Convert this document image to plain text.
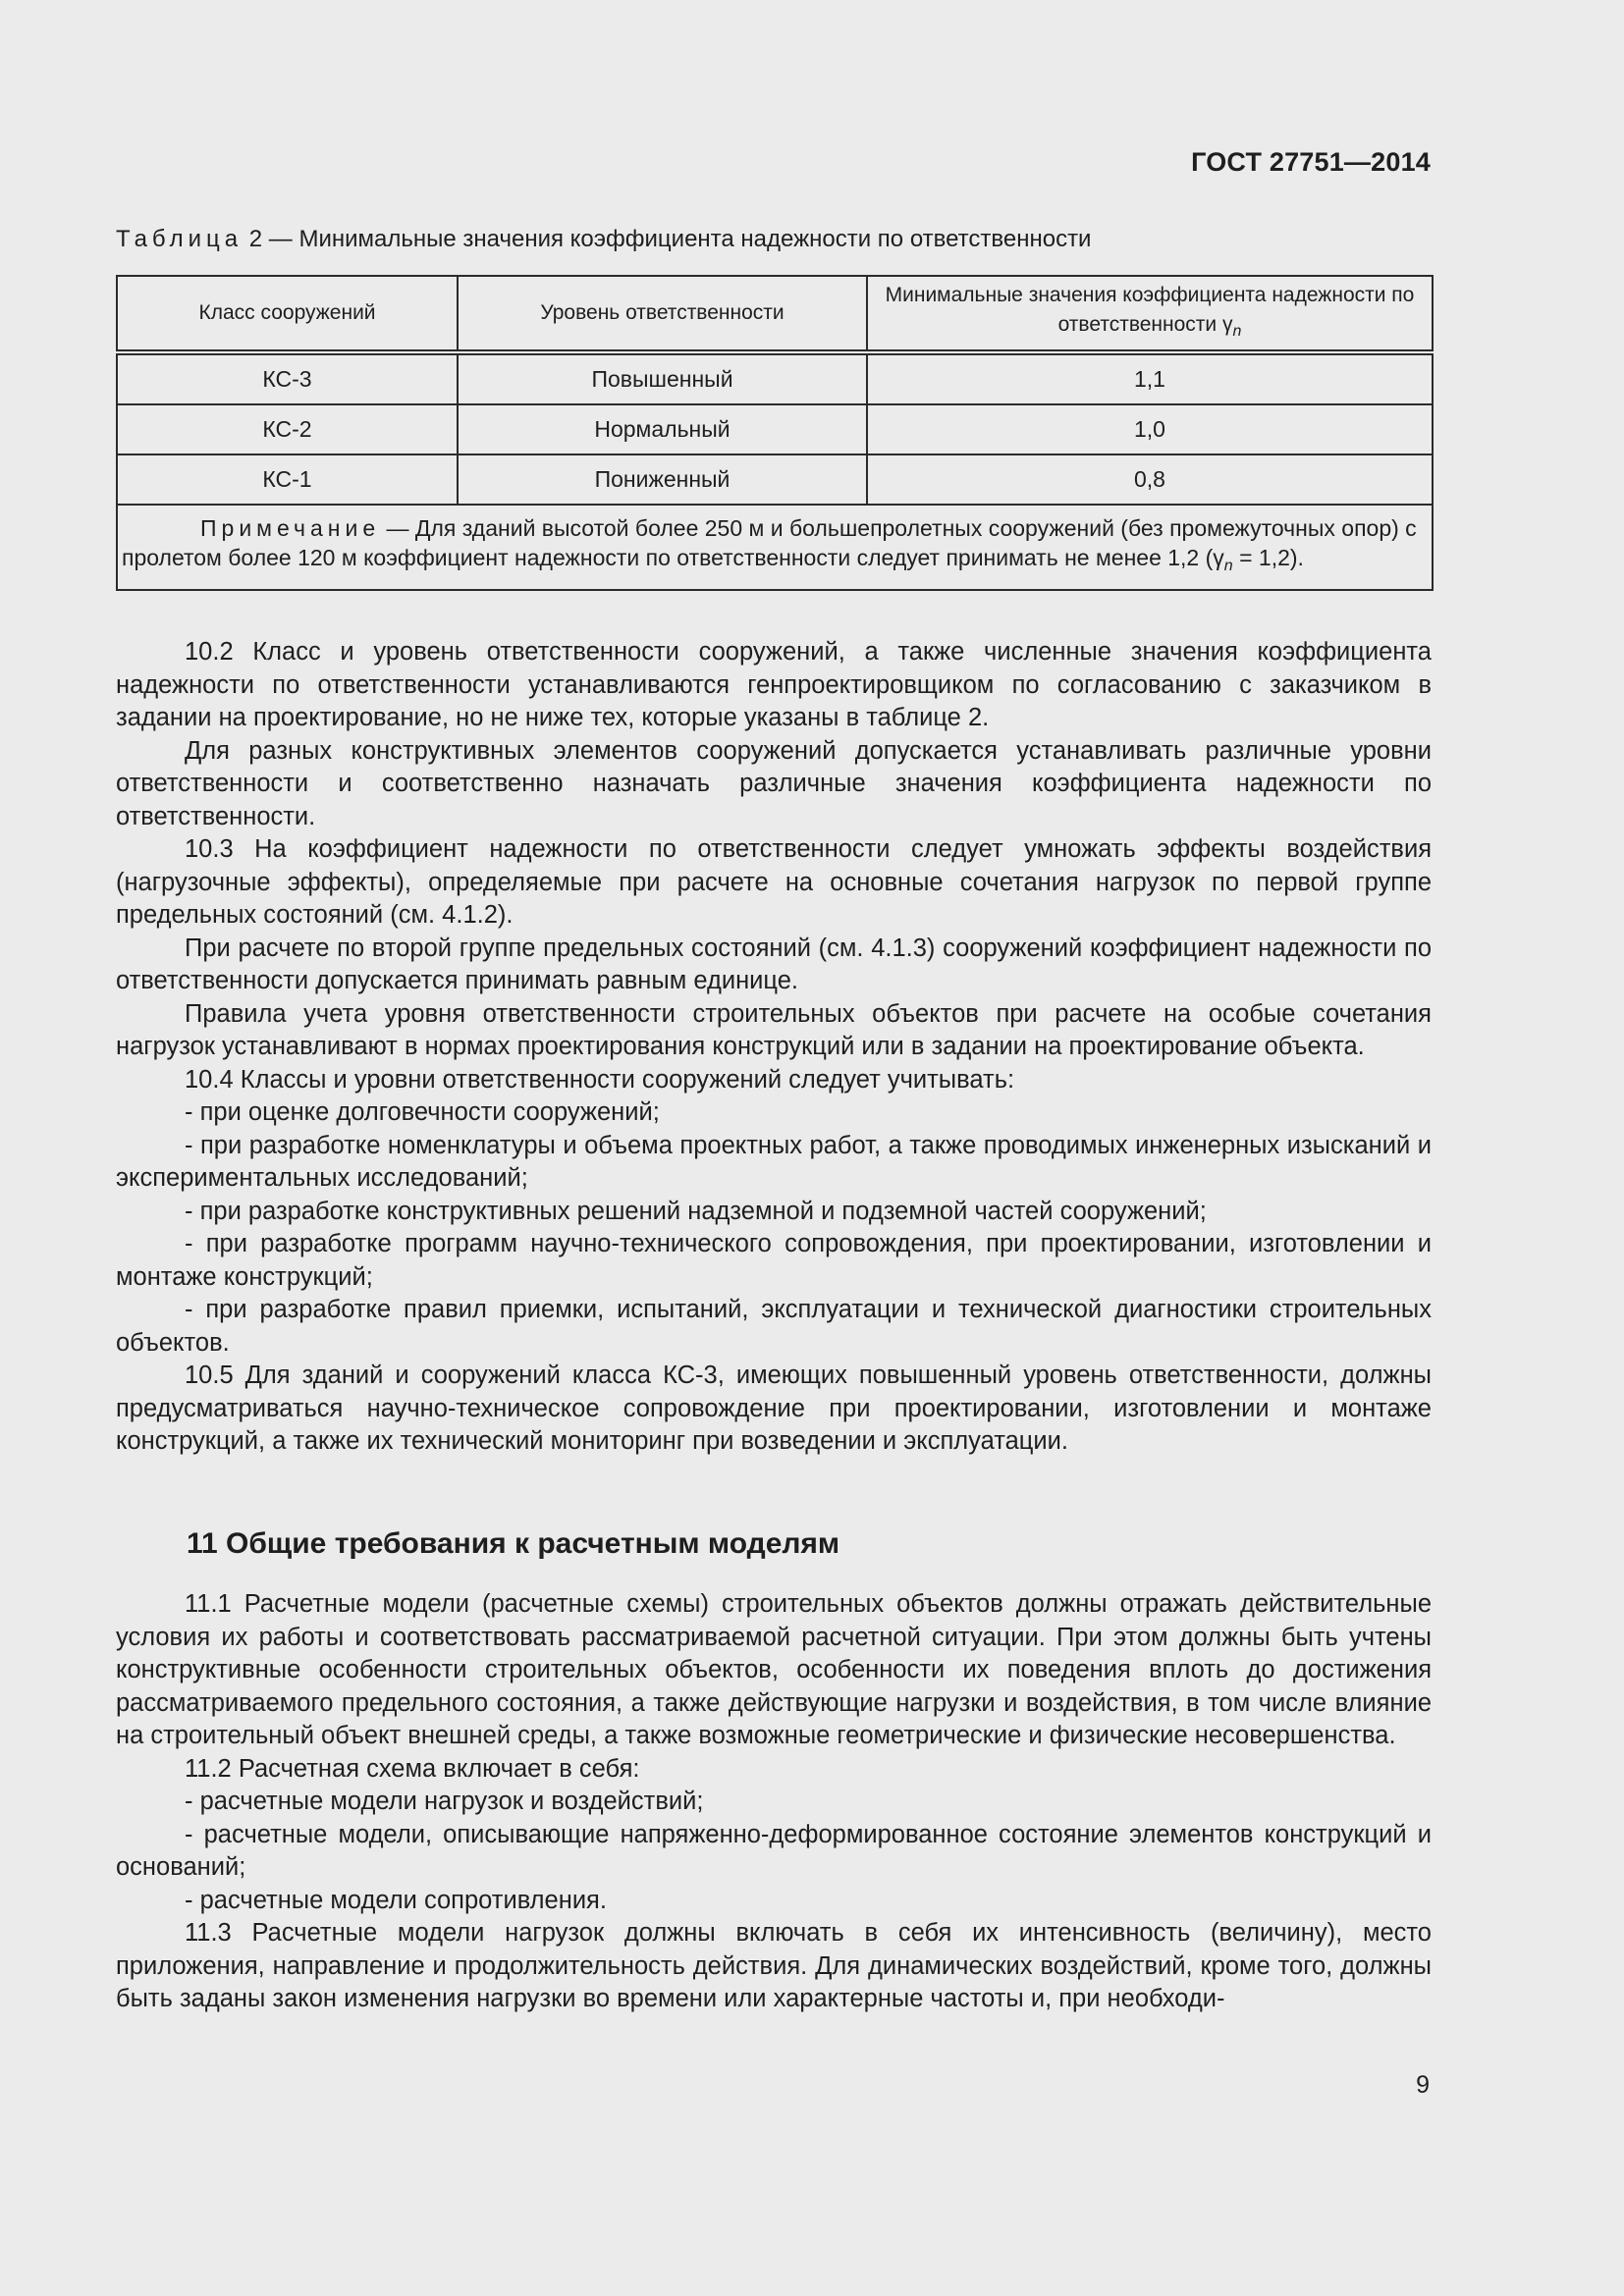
ГОСТ 27751—2014
Таблица 2 — Минимальные значения коэффициента надежности по ответственности
Класс сооружений	Уровень ответственности	Минимальные значения коэффициента надежности по ответственности $\gamma_n$
КС-3	Повышенный	1,1
КС-2	Нормальный	1,0
КС-1	Пониженный	0,8
Примечание — Для зданий высотой более 250 м и большепролетных сооружений (без промежуточных опор) с пролетом более 120 м коэффициент надежности по ответственности следует принимать не менее 1,2 $(\gamma_n = 1,2)$.		

10.2 Класс и уровень ответственности сооружений, а также численные значения коэффициента надежности по ответственности устанавливаются генпроектировщиком по согласованию с заказчиком в задании на проектирование, но не ниже тех, которые указаны в таблице 2.

Для разных конструктивных элементов сооружений допускается устанавливать различные уровни ответственности и соответственно назначать различные значения коэффициента надежности по ответственности.

10.3 На коэффициент надежности по ответственности следует умножать эффекты воздействия (нагрузочные эффекты), определяемые при расчете на основные сочетания нагрузок по первой группе предельных состояний (см. 4.1.2).

При расчете по второй группе предельных состояний (см. 4.1.3) сооружений коэффициент надежности по ответственности допускается принимать равным единице.

Правила учета уровня ответственности строительных объектов при расчете на особые сочетания нагрузок устанавливают в нормах проектирования конструкций или в задании на проектирование объекта.

10.4 Классы и уровни ответственности сооружений следует учитывать:

- при оценке долговечности сооружений;

- при разработке номенклатуры и объема проектных работ, а также проводимых инженерных изысканий и экспериментальных исследований;

- при разработке конструктивных решений надземной и подземной частей сооружений;

- при разработке программ научно-технического сопровождения, при проектировании, изготовлении и монтаже конструкций;

- при разработке правил приемки, испытаний, эксплуатации и технической диагностики строительных объектов.

10.5 Для зданий и сооружений класса КС-3, имеющих повышенный уровень ответственности, должны предусматриваться научно-техническое сопровождение при проектировании, изготовлении и монтаже конструкций, а также их технический мониторинг при возведении и эксплуатации.

11 Общие требования к расчетным моделям

11.1 Расчетные модели (расчетные схемы) строительных объектов должны отражать действительные условия их работы и соответствовать рассматриваемой расчетной ситуации. При этом должны быть учтены конструктивные особенности строительных объектов, особенности их поведения вплоть до достижения рассматриваемого предельного состояния, а также действующие нагрузки и воздействия, в том числе влияние на строительный объект внешней среды, а также возможные геометрические и физические несовершенства.

11.2 Расчетная схема включает в себя:

- расчетные модели нагрузок и воздействий;

- расчетные модели, описывающие напряженно-деформированное состояние элементов конструкций и оснований;

- расчетные модели сопротивления.

11.3 Расчетные модели нагрузок должны включать в себя их интенсивность (величину), место приложения, направление и продолжительность действия. Для динамических воздействий, кроме того, должны быть заданы закон изменения нагрузки во времени или характерные частоты и, при необходи-

9
